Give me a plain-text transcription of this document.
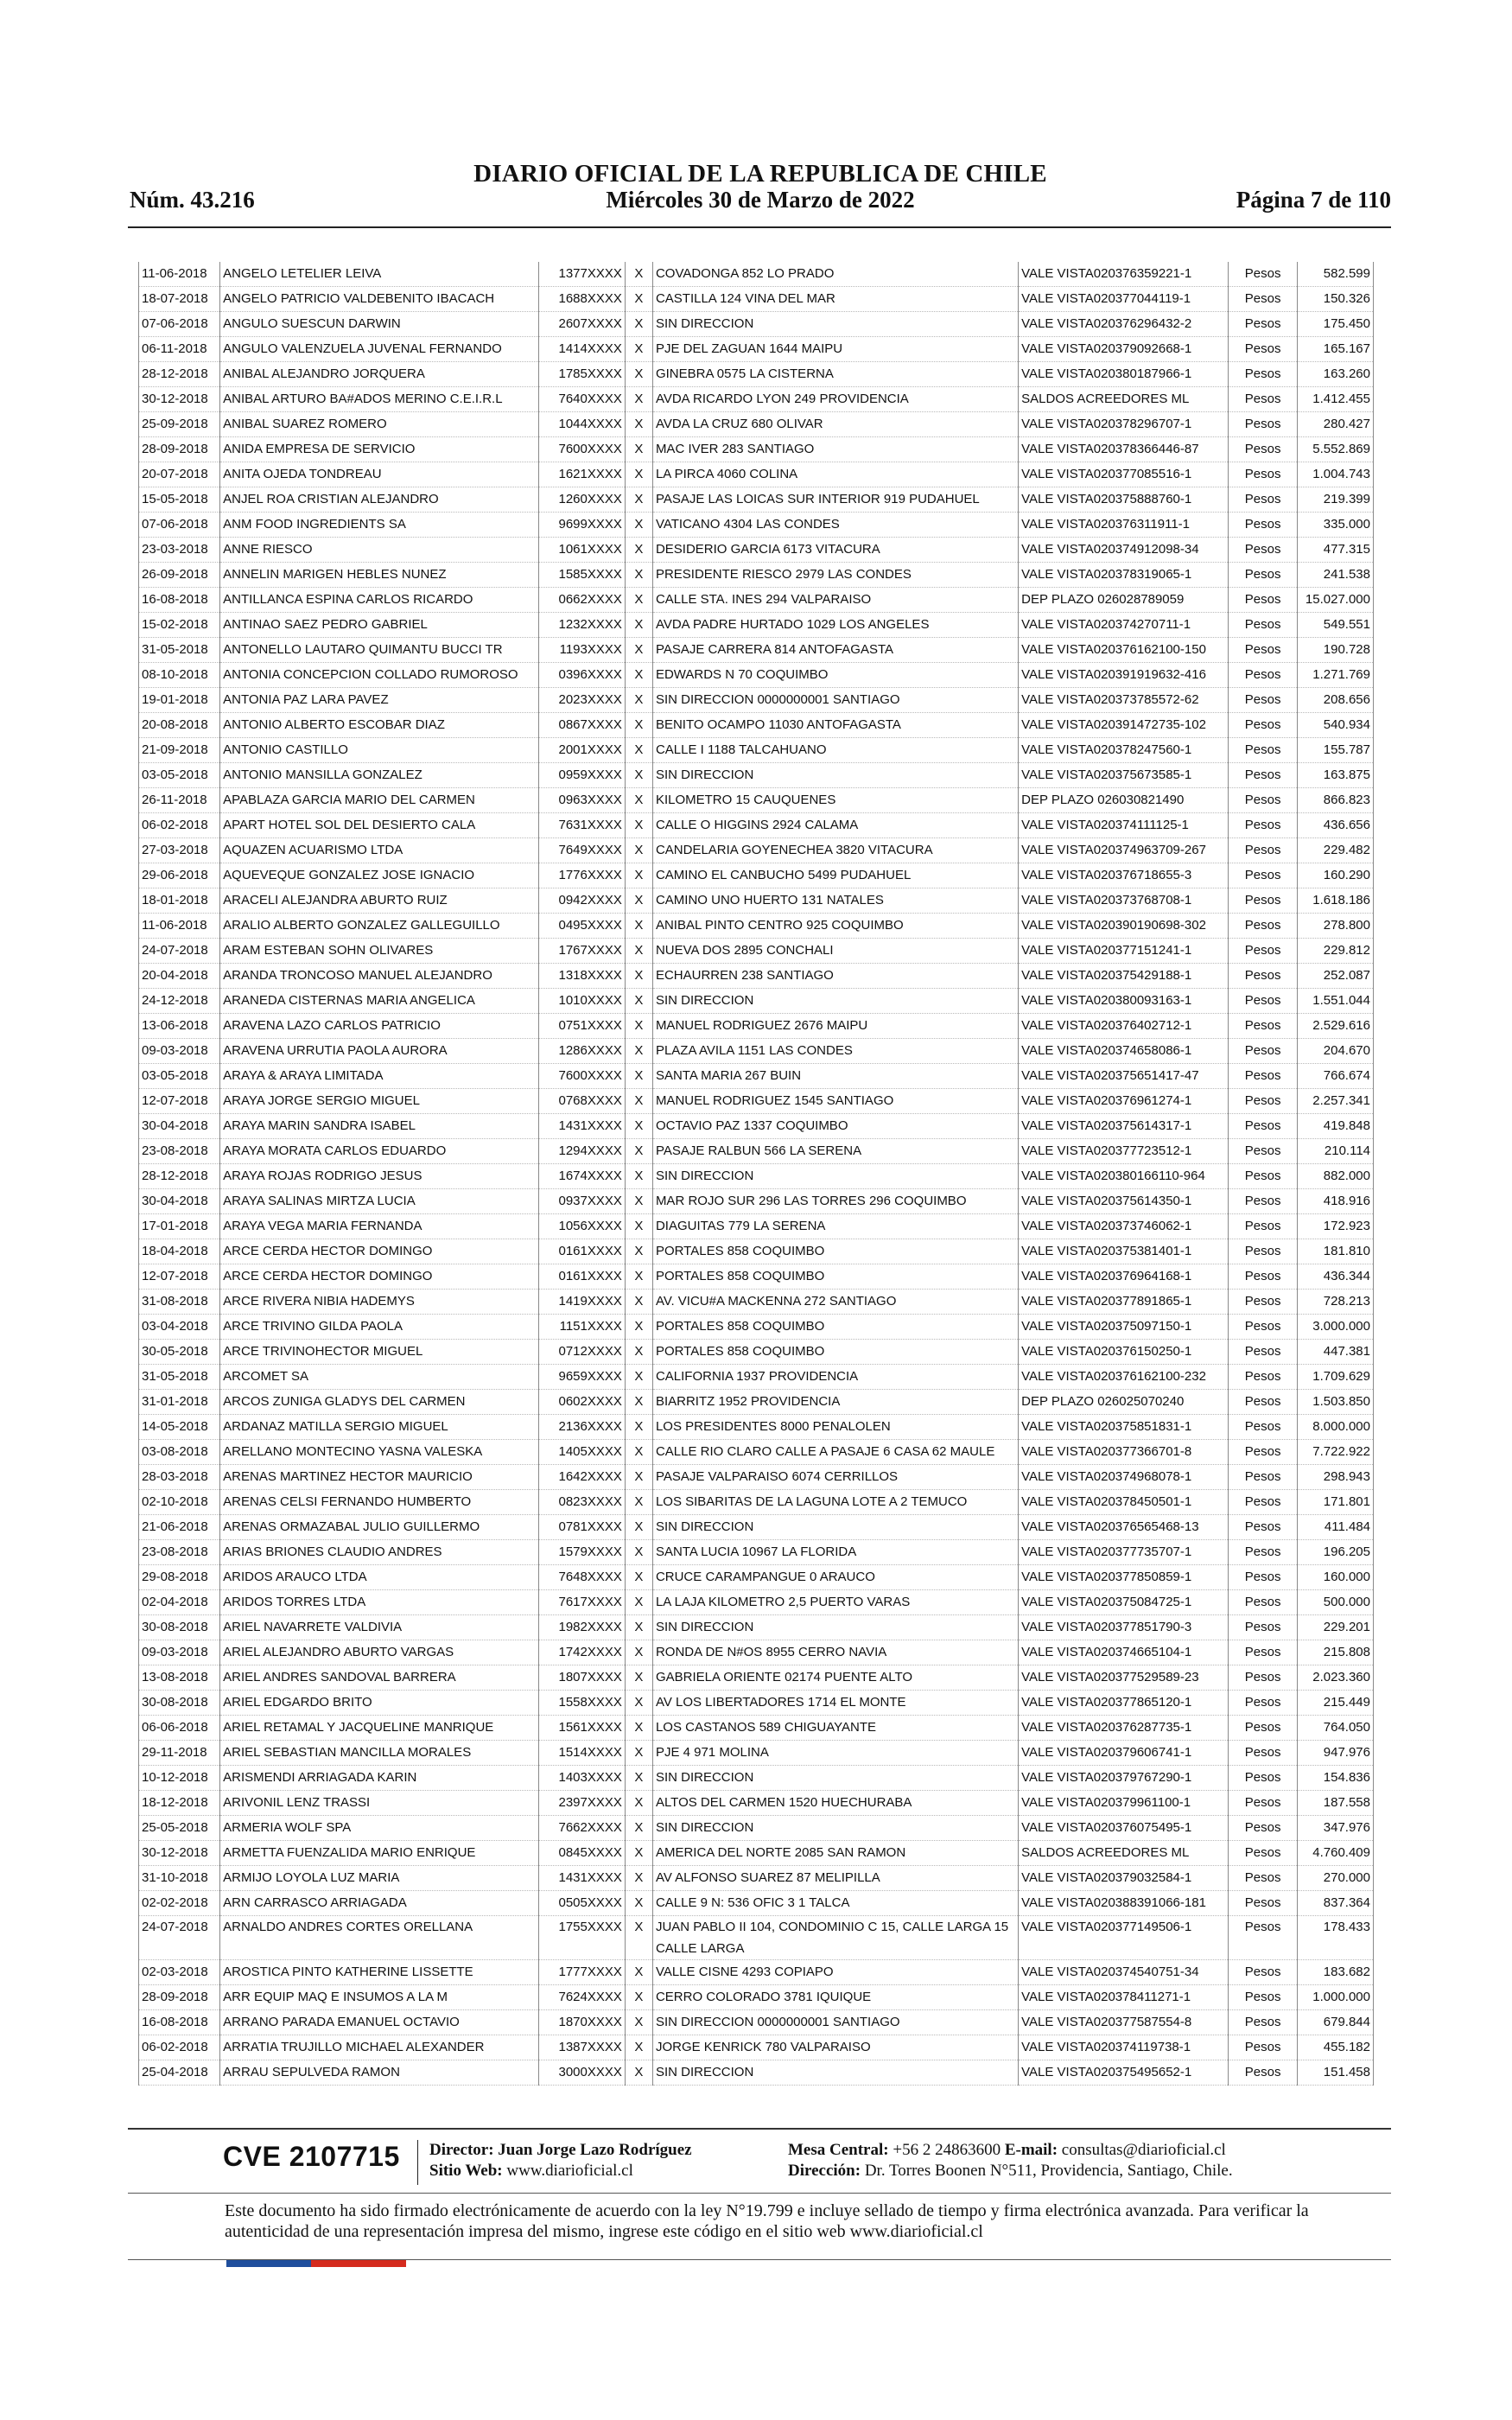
DIARIO OFICIAL DE LA REPUBLICA DE CHILE
Miércoles 30 de Marzo de 2022
Núm. 43.216	Página 7 de 110
11-06-2018	ANGELO LETELIER LEIVA	1377XXXX	X	COVADONGA 852 LO PRADO	VALE VISTA020376359221-1	Pesos	582.599
18-07-2018	ANGELO PATRICIO VALDEBENITO IBACACH	1688XXXX	X	CASTILLA 124 VINA DEL MAR	VALE VISTA020377044119-1	Pesos	150.326
07-06-2018	ANGULO SUESCUN DARWIN	2607XXXX	X	SIN DIRECCION	VALE VISTA020376296432-2	Pesos	175.450
06-11-2018	ANGULO VALENZUELA JUVENAL FERNANDO	1414XXXX	X	PJE DEL ZAGUAN 1644 MAIPU	VALE VISTA020379092668-1	Pesos	165.167
28-12-2018	ANIBAL ALEJANDRO JORQUERA	1785XXXX	X	GINEBRA 0575 LA CISTERNA	VALE VISTA020380187966-1	Pesos	163.260
30-12-2018	ANIBAL ARTURO BA#ADOS MERINO C.E.I.R.L	7640XXXX	X	AVDA RICARDO LYON 249 PROVIDENCIA	SALDOS ACREEDORES ML	Pesos	1.412.455
25-09-2018	ANIBAL SUAREZ ROMERO	1044XXXX	X	AVDA LA CRUZ 680 OLIVAR	VALE VISTA020378296707-1	Pesos	280.427
28-09-2018	ANIDA EMPRESA DE SERVICIO	7600XXXX	X	MAC IVER 283 SANTIAGO	VALE VISTA020378366446-87	Pesos	5.552.869
20-07-2018	ANITA OJEDA TONDREAU	1621XXXX	X	LA PIRCA 4060 COLINA	VALE VISTA020377085516-1	Pesos	1.004.743
15-05-2018	ANJEL ROA CRISTIAN ALEJANDRO	1260XXXX	X	PASAJE LAS LOICAS SUR INTERIOR 919 PUDAHUEL	VALE VISTA020375888760-1	Pesos	219.399
07-06-2018	ANM FOOD INGREDIENTS SA	9699XXXX	X	VATICANO 4304 LAS CONDES	VALE VISTA020376311911-1	Pesos	335.000
23-03-2018	ANNE RIESCO	1061XXXX	X	DESIDERIO GARCIA 6173 VITACURA	VALE VISTA020374912098-34	Pesos	477.315
26-09-2018	ANNELIN MARIGEN HEBLES NUNEZ	1585XXXX	X	PRESIDENTE RIESCO 2979 LAS CONDES	VALE VISTA020378319065-1	Pesos	241.538
16-08-2018	ANTILLANCA ESPINA CARLOS RICARDO	0662XXXX	X	CALLE STA. INES 294 VALPARAISO	DEP PLAZO 026028789059	Pesos	15.027.000
15-02-2018	ANTINAO SAEZ PEDRO GABRIEL	1232XXXX	X	AVDA PADRE HURTADO 1029 LOS ANGELES	VALE VISTA020374270711-1	Pesos	549.551
31-05-2018	ANTONELLO LAUTARO QUIMANTU BUCCI TR	1193XXXX	X	PASAJE CARRERA 814 ANTOFAGASTA	VALE VISTA020376162100-150	Pesos	190.728
08-10-2018	ANTONIA CONCEPCION COLLADO RUMOROSO	0396XXXX	X	EDWARDS N 70 COQUIMBO	VALE VISTA020391919632-416	Pesos	1.271.769
19-01-2018	ANTONIA PAZ LARA PAVEZ	2023XXXX	X	SIN DIRECCION 0000000001 SANTIAGO	VALE VISTA020373785572-62	Pesos	208.656
20-08-2018	ANTONIO ALBERTO ESCOBAR DIAZ	0867XXXX	X	BENITO OCAMPO 11030 ANTOFAGASTA	VALE VISTA020391472735-102	Pesos	540.934
21-09-2018	ANTONIO CASTILLO	2001XXXX	X	CALLE I 1188 TALCAHUANO	VALE VISTA020378247560-1	Pesos	155.787
03-05-2018	ANTONIO MANSILLA GONZALEZ	0959XXXX	X	SIN DIRECCION	VALE VISTA020375673585-1	Pesos	163.875
26-11-2018	APABLAZA GARCIA MARIO DEL CARMEN	0963XXXX	X	KILOMETRO 15 CAUQUENES	DEP PLAZO 026030821490	Pesos	866.823
06-02-2018	APART HOTEL SOL DEL DESIERTO CALA	7631XXXX	X	CALLE O HIGGINS 2924 CALAMA	VALE VISTA020374111125-1	Pesos	436.656
27-03-2018	AQUAZEN ACUARISMO LTDA	7649XXXX	X	CANDELARIA GOYENECHEA 3820 VITACURA	VALE VISTA020374963709-267	Pesos	229.482
29-06-2018	AQUEVEQUE GONZALEZ JOSE IGNACIO	1776XXXX	X	CAMINO EL CANBUCHO 5499 PUDAHUEL	VALE VISTA020376718655-3	Pesos	160.290
18-01-2018	ARACELI ALEJANDRA ABURTO RUIZ	0942XXXX	X	CAMINO UNO HUERTO 131 NATALES	VALE VISTA020373768708-1	Pesos	1.618.186
11-06-2018	ARALIO ALBERTO GONZALEZ GALLEGUILLO	0495XXXX	X	ANIBAL PINTO CENTRO 925 COQUIMBO	VALE VISTA020390190698-302	Pesos	278.800
24-07-2018	ARAM ESTEBAN SOHN OLIVARES	1767XXXX	X	NUEVA DOS 2895 CONCHALI	VALE VISTA020377151241-1	Pesos	229.812
20-04-2018	ARANDA TRONCOSO MANUEL ALEJANDRO	1318XXXX	X	ECHAURREN 238 SANTIAGO	VALE VISTA020375429188-1	Pesos	252.087
24-12-2018	ARANEDA CISTERNAS MARIA ANGELICA	1010XXXX	X	SIN DIRECCION	VALE VISTA020380093163-1	Pesos	1.551.044
13-06-2018	ARAVENA LAZO CARLOS PATRICIO	0751XXXX	X	MANUEL RODRIGUEZ 2676 MAIPU	VALE VISTA020376402712-1	Pesos	2.529.616
09-03-2018	ARAVENA URRUTIA PAOLA AURORA	1286XXXX	X	PLAZA AVILA 1151 LAS CONDES	VALE VISTA020374658086-1	Pesos	204.670
03-05-2018	ARAYA & ARAYA LIMITADA	7600XXXX	X	SANTA MARIA 267 BUIN	VALE VISTA020375651417-47	Pesos	766.674
12-07-2018	ARAYA JORGE SERGIO MIGUEL	0768XXXX	X	MANUEL RODRIGUEZ 1545 SANTIAGO	VALE VISTA020376961274-1	Pesos	2.257.341
30-04-2018	ARAYA MARIN SANDRA ISABEL	1431XXXX	X	OCTAVIO PAZ 1337 COQUIMBO	VALE VISTA020375614317-1	Pesos	419.848
23-08-2018	ARAYA MORATA CARLOS EDUARDO	1294XXXX	X	PASAJE RALBUN 566 LA SERENA	VALE VISTA020377723512-1	Pesos	210.114
28-12-2018	ARAYA ROJAS RODRIGO JESUS	1674XXXX	X	SIN DIRECCION	VALE VISTA020380166110-964	Pesos	882.000
30-04-2018	ARAYA SALINAS MIRTZA LUCIA	0937XXXX	X	MAR ROJO SUR 296 LAS TORRES 296 COQUIMBO	VALE VISTA020375614350-1	Pesos	418.916
17-01-2018	ARAYA VEGA MARIA FERNANDA	1056XXXX	X	DIAGUITAS 779 LA SERENA	VALE VISTA020373746062-1	Pesos	172.923
18-04-2018	ARCE CERDA HECTOR DOMINGO	0161XXXX	X	PORTALES 858 COQUIMBO	VALE VISTA020375381401-1	Pesos	181.810
12-07-2018	ARCE CERDA HECTOR DOMINGO	0161XXXX	X	PORTALES 858 COQUIMBO	VALE VISTA020376964168-1	Pesos	436.344
31-08-2018	ARCE RIVERA NIBIA HADEMYS	1419XXXX	X	AV. VICU#A MACKENNA 272 SANTIAGO	VALE VISTA020377891865-1	Pesos	728.213
03-04-2018	ARCE TRIVINO GILDA PAOLA	1151XXXX	X	PORTALES 858 COQUIMBO	VALE VISTA020375097150-1	Pesos	3.000.000
30-05-2018	ARCE TRIVINOHECTOR MIGUEL	0712XXXX	X	PORTALES 858 COQUIMBO	VALE VISTA020376150250-1	Pesos	447.381
31-05-2018	ARCOMET SA	9659XXXX	X	CALIFORNIA 1937 PROVIDENCIA	VALE VISTA020376162100-232	Pesos	1.709.629
31-01-2018	ARCOS ZUNIGA GLADYS DEL CARMEN	0602XXXX	X	BIARRITZ 1952 PROVIDENCIA	DEP PLAZO 026025070240	Pesos	1.503.850
14-05-2018	ARDANAZ MATILLA SERGIO MIGUEL	2136XXXX	X	LOS PRESIDENTES 8000 PENALOLEN	VALE VISTA020375851831-1	Pesos	8.000.000
03-08-2018	ARELLANO MONTECINO YASNA VALESKA	1405XXXX	X	CALLE RIO CLARO CALLE A PASAJE 6 CASA 62 MAULE	VALE VISTA020377366701-8	Pesos	7.722.922
28-03-2018	ARENAS MARTINEZ HECTOR MAURICIO	1642XXXX	X	PASAJE VALPARAISO 6074 CERRILLOS	VALE VISTA020374968078-1	Pesos	298.943
02-10-2018	ARENAS CELSI FERNANDO HUMBERTO	0823XXXX	X	LOS SIBARITAS DE LA LAGUNA LOTE A 2 TEMUCO	VALE VISTA020378450501-1	Pesos	171.801
21-06-2018	ARENAS ORMAZABAL JULIO GUILLERMO	0781XXXX	X	SIN DIRECCION	VALE VISTA020376565468-13	Pesos	411.484
23-08-2018	ARIAS BRIONES CLAUDIO ANDRES	1579XXXX	X	SANTA LUCIA 10967 LA FLORIDA	VALE VISTA020377735707-1	Pesos	196.205
29-08-2018	ARIDOS ARAUCO LTDA	7648XXXX	X	CRUCE CARAMPANGUE 0 ARAUCO	VALE VISTA020377850859-1	Pesos	160.000
02-04-2018	ARIDOS TORRES LTDA	7617XXXX	X	LA LAJA KILOMETRO 2,5 PUERTO VARAS	VALE VISTA020375084725-1	Pesos	500.000
30-08-2018	ARIEL NAVARRETE VALDIVIA	1982XXXX	X	SIN DIRECCION	VALE VISTA020377851790-3	Pesos	229.201
09-03-2018	ARIEL ALEJANDRO ABURTO VARGAS	1742XXXX	X	RONDA DE N#OS 8955 CERRO NAVIA	VALE VISTA020374665104-1	Pesos	215.808
13-08-2018	ARIEL ANDRES SANDOVAL BARRERA	1807XXXX	X	GABRIELA ORIENTE 02174 PUENTE ALTO	VALE VISTA020377529589-23	Pesos	2.023.360
30-08-2018	ARIEL EDGARDO BRITO	1558XXXX	X	AV LOS LIBERTADORES 1714 EL MONTE	VALE VISTA020377865120-1	Pesos	215.449
06-06-2018	ARIEL RETAMAL Y JACQUELINE MANRIQUE	1561XXXX	X	LOS CASTANOS 589 CHIGUAYANTE	VALE VISTA020376287735-1	Pesos	764.050
29-11-2018	ARIEL SEBASTIAN MANCILLA MORALES	1514XXXX	X	PJE 4 971 MOLINA	VALE VISTA020379606741-1	Pesos	947.976
10-12-2018	ARISMENDI ARRIAGADA KARIN	1403XXXX	X	SIN DIRECCION	VALE VISTA020379767290-1	Pesos	154.836
18-12-2018	ARIVONIL LENZ TRASSI	2397XXXX	X	ALTOS DEL CARMEN 1520 HUECHURABA	VALE VISTA020379961100-1	Pesos	187.558
25-05-2018	ARMERIA WOLF SPA	7662XXXX	X	SIN DIRECCION	VALE VISTA020376075495-1	Pesos	347.976
30-12-2018	ARMETTA FUENZALIDA MARIO ENRIQUE	0845XXXX	X	AMERICA DEL NORTE 2085 SAN RAMON	SALDOS ACREEDORES ML	Pesos	4.760.409
31-10-2018	ARMIJO LOYOLA LUZ MARIA	1431XXXX	X	AV ALFONSO SUAREZ 87 MELIPILLA	VALE VISTA020379032584-1	Pesos	270.000
02-02-2018	ARN CARRASCO ARRIAGADA	0505XXXX	X	CALLE 9 N: 536 OFIC 3 1 TALCA	VALE VISTA020388391066-181	Pesos	837.364
24-07-2018	ARNALDO ANDRES CORTES ORELLANA	1755XXXX	X	JUAN PABLO II 104, CONDOMINIO C 15, CALLE LARGA 15 CALLE LARGA	VALE VISTA020377149506-1	Pesos	178.433
02-03-2018	AROSTICA PINTO KATHERINE LISSETTE	1777XXXX	X	VALLE CISNE 4293 COPIAPO	VALE VISTA020374540751-34	Pesos	183.682
28-09-2018	ARR EQUIP MAQ E INSUMOS A LA M	7624XXXX	X	CERRO COLORADO 3781 IQUIQUE	VALE VISTA020378411271-1	Pesos	1.000.000
16-08-2018	ARRANO PARADA EMANUEL OCTAVIO	1870XXXX	X	SIN DIRECCION 0000000001 SANTIAGO	VALE VISTA020377587554-8	Pesos	679.844
06-02-2018	ARRATIA TRUJILLO MICHAEL ALEXANDER	1387XXXX	X	JORGE KENRICK 780 VALPARAISO	VALE VISTA020374119738-1	Pesos	455.182
25-04-2018	ARRAU SEPULVEDA RAMON	3000XXXX	X	SIN DIRECCION	VALE VISTA020375495652-1	Pesos	151.458
CVE 2107715 Director: Juan Jorge Lazo Rodríguez
Sitio Web: www.diarioficial.cl
Mesa Central: +56 2 24863600 E-mail: consultas@diarioficial.cl
Dirección: Dr. Torres Boonen N°511, Providencia, Santiago, Chile.
Este documento ha sido firmado electrónicamente de acuerdo con la ley N°19.799 e incluye sellado de tiempo y firma electrónica avanzada. Para verificar la autenticidad de una representación impresa del mismo, ingrese este código en el sitio web www.diarioficial.cl
